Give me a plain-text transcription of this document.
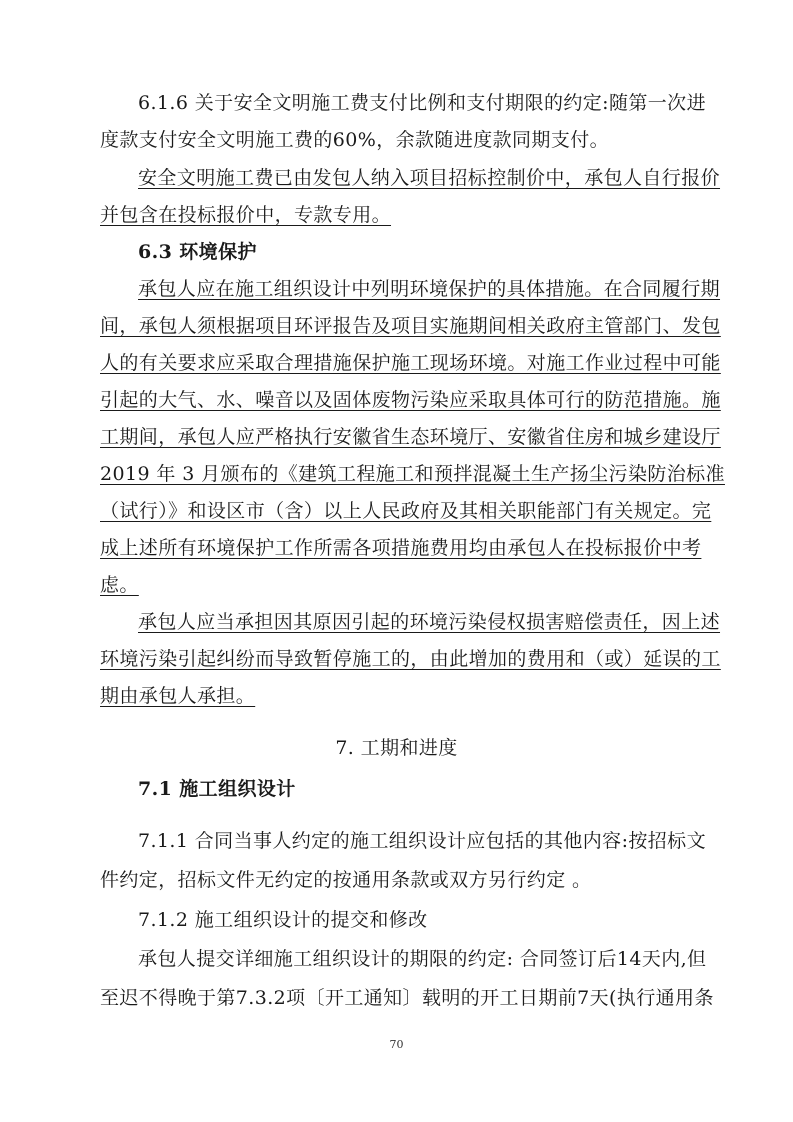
6.1.6 关于安全文明施工费支付比例和支付期限的约定:随第一次进
度款支付安全文明施工费的60%，余款随进度款同期支付。
安全文明施工费已由发包人纳入项目招标控制价中，承包人自行报价
并包含在投标报价中，专款专用。
6.3 环境保护
承包人应在施工组织设计中列明环境保护的具体措施。在合同履行期
间，承包人须根据项目环评报告及项目实施期间相关政府主管部门、发包
人的有关要求应采取合理措施保护施工现场环境。对施工作业过程中可能
引起的大气、水、噪音以及固体废物污染应采取具体可行的防范措施。施
工期间，承包人应严格执行安徽省生态环境厅、安徽省住房和城乡建设厅
2019 年 3 月颁布的《建筑工程施工和预拌混凝土生产扬尘污染防治标准
（试行）》和设区市（含）以上人民政府及其相关职能部门有关规定。完
成上述所有环境保护工作所需各项措施费用均由承包人在投标报价中考
虑。
承包人应当承担因其原因引起的环境污染侵权损害赔偿责任，因上述
环境污染引起纠纷而导致暂停施工的，由此增加的费用和（或）延误的工
期由承包人承担。
7. 工期和进度
7.1 施工组织设计
7.1.1 合同当事人约定的施工组织设计应包括的其他内容:按招标文
件约定，招标文件无约定的按通用条款或双方另行约定 。
7.1.2 施工组织设计的提交和修改
承包人提交详细施工组织设计的期限的约定: 合同签订后14天内,但
至迟不得晚于第7.3.2项〔开工通知〕载明的开工日期前7天(执行通用条
70
